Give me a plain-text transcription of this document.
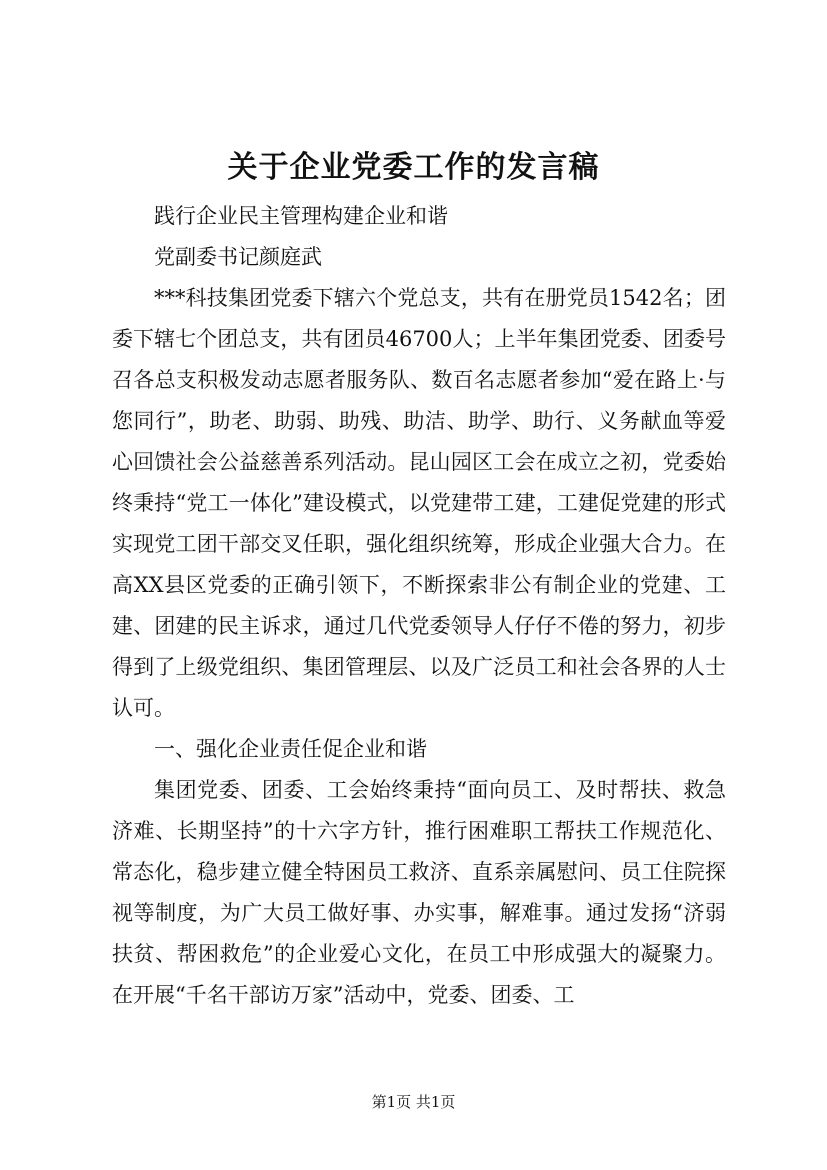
关于企业党委工作的发言稿

践行企业民主管理构建企业和谐

党副委书记颜庭武

***科技集团党委下辖六个党总支，共有在册党员1542名；团委下辖七个团总支，共有团员46700人；上半年集团党委、团委号召各总支积极发动志愿者服务队、数百名志愿者参加“爱在路上·与您同行”，助老、助弱、助残、助洁、助学、助行、义务献血等爱心回馈社会公益慈善系列活动。昆山园区工会在成立之初，党委始终秉持“党工一体化”建设模式，以党建带工建，工建促党建的形式实现党工团干部交叉任职，强化组织统筹，形成企业强大合力。在高XX县区党委的正确引领下，不断探索非公有制企业的党建、工建、团建的民主诉求，通过几代党委领导人仔仔不倦的努力，初步得到了上级党组织、集团管理层、以及广泛员工和社会各界的人士认可。

一、强化企业责任促企业和谐

集团党委、团委、工会始终秉持“面向员工、及时帮扶、救急济难、长期坚持”的十六字方针，推行困难职工帮扶工作规范化、常态化，稳步建立健全特困员工救济、直系亲属慰问、员工住院探视等制度，为广大员工做好事、办实事，解难事。通过发扬“济弱扶贫、帮困救危”的企业爱心文化，在员工中形成强大的凝聚力。在开展“千名干部访万家”活动中，党委、团委、工

第1页 共1页
